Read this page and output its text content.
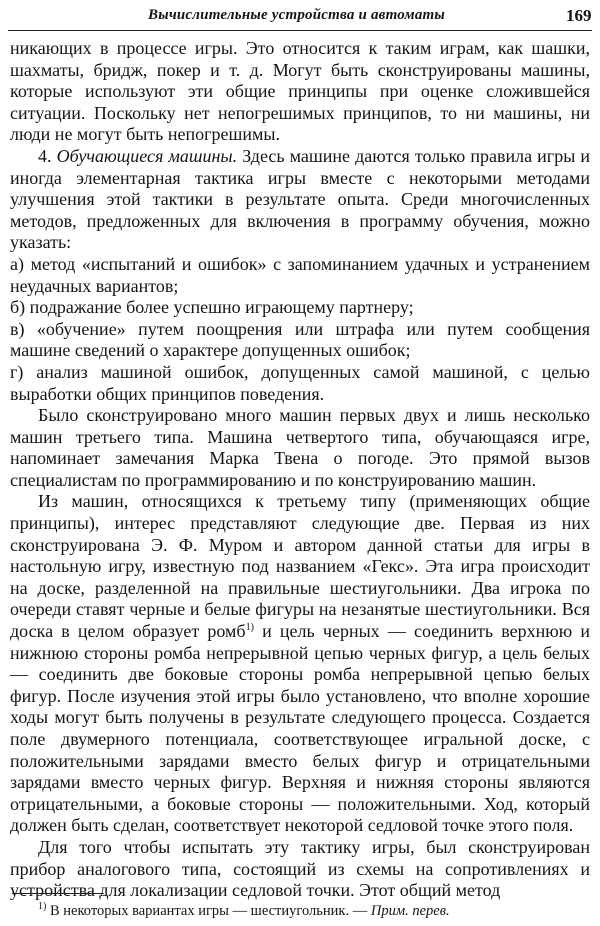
Вычислительные устройства и автоматы	169

никающих в процессе игры. Это относится к таким играм, как шашки, шахматы, бридж, покер и т. д. Могут быть сконструированы машины, которые используют эти общие принципы при оценке сложившейся ситуации. Поскольку нет непогрешимых принципов, то ни машины, ни люди не могут быть непогрешимы.

4. Обучающиеся машины. Здесь машине даются только правила игры и иногда элементарная тактика игры вместе с некоторыми методами улучшения этой тактики в результате опыта. Среди многочисленных методов, предложенных для включения в программу обучения, можно указать:

а) метод «испытаний и ошибок» с запоминанием удачных и устранением неудачных вариантов;

б) подражание более успешно играющему партнеру;

в) «обучение» путем поощрения или штрафа или путем сообщения машине сведений о характере допущенных ошибок;

г) анализ машиной ошибок, допущенных самой машиной, с целью выработки общих принципов поведения.

Было сконструировано много машин первых двух и лишь несколько машин третьего типа. Машина четвертого типа, обучающаяся игре, напоминает замечания Марка Твена о погоде. Это прямой вызов специалистам по программированию и по конструированию машин.

Из машин, относящихся к третьему типу (применяющих общие принципы), интерес представляют следующие две. Первая из них сконструирована Э. Ф. Муром и автором данной статьи для игры в настольную игру, известную под названием «Гекс». Эта игра происходит на доске, разделенной на правильные шестиугольники. Два игрока по очереди ставят черные и белые фигуры на незанятые шестиугольники. Вся доска в целом образует ромб$^{1)}$ и цель черных — соединить верхнюю и нижнюю стороны ромба непрерывной цепью черных фигур, а цель белых — соединить две боковые стороны ромба непрерывной цепью белых фигур. После изучения этой игры было установлено, что вполне хорошие ходы могут быть получены в результате следующего процесса. Создается поле двумерного потенциала, соответствующее игральной доске, с положительными зарядами вместо белых фигур и отрицательными зарядами вместо черных фигур. Верхняя и нижняя стороны являются отрицательными, а боковые стороны — положительными. Ход, который должен быть сделан, соответствует некоторой седловой точке этого поля.

Для того чтобы испытать эту тактику игры, был сконструирован прибор аналогового типа, состоящий из схемы на сопротивлениях и устройства для локализации седловой точки. Этот общий метод

$^{1)}$ В некоторых вариантах игры — шестиугольник. — Прим. перев.
